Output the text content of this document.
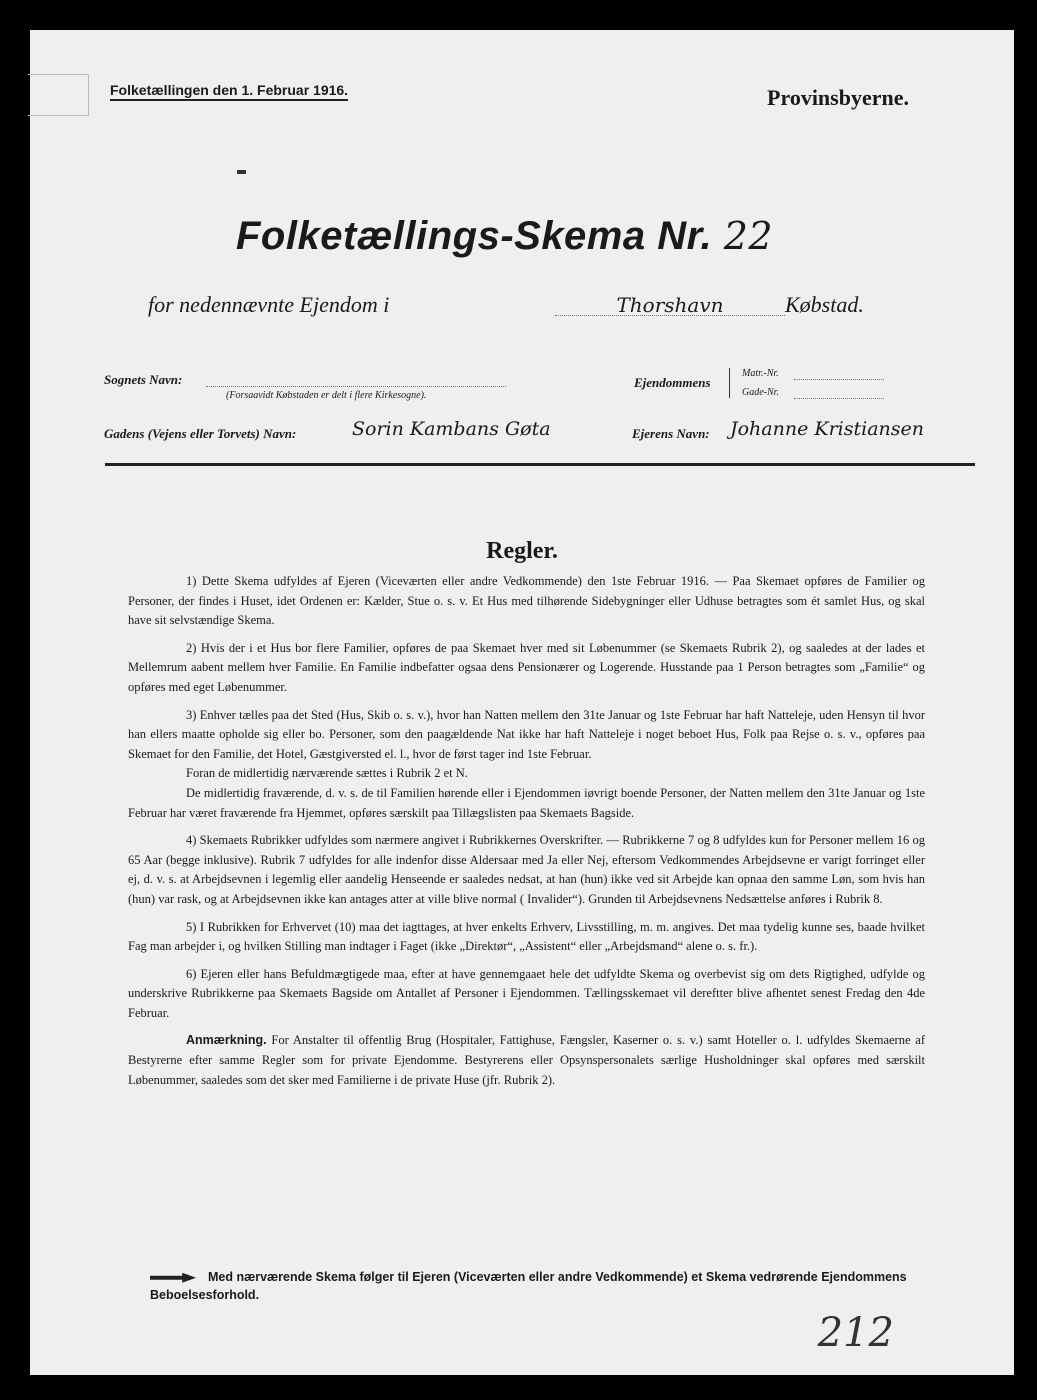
Folketællingen den 1. Februar 1916.	Provinsbyerne.
Folketællings-Skema Nr. 22
for nedennævnte Ejendom i	Thorshavn	Købstad.
Sognets Navn:
(Forsaavidt Købstaden er delt i flere Kirkesogne).
Ejendommens
Matr.-Nr.
Gade-Nr.
Gadens (Vejens eller Torvets) Navn:	Sorin Kambans Gøta	Ejerens Navn: Johanne Kristiansen
Regler.

1) Dette Skema udfyldes af Ejeren (Viceværten eller andre Vedkommende) den 1ste Februar 1916. — Paa Skemaet opføres de Familier og Personer, der findes i Huset, idet Ordenen er: Kælder, Stue o. s. v. Et Hus med tilhørende Sidebygninger eller Udhuse betragtes som ét samlet Hus, og skal have sit selvstændige Skema.

2) Hvis der i et Hus bor flere Familier, opføres de paa Skemaet hver med sit Løbenummer (se Skemaets Rubrik 2), og saaledes at der lades et Mellemrum aabent mellem hver Familie. En Familie indbefatter ogsaa dens Pensionærer og Logerende. Husstande paa 1 Person betragtes som „Familie“ og opføres med eget Løbenummer.

3) Enhver tælles paa det Sted (Hus, Skib o. s. v.), hvor han Natten mellem den 31te Januar og 1ste Februar har haft Natteleje, uden Hensyn til hvor han ellers maatte opholde sig eller bo. Personer, som den paagældende Nat ikke har haft Natteleje i noget beboet Hus, Folk paa Rejse o. s. v., opføres paa Skemaet for den Familie, det Hotel, Gæstgiversted el. l., hvor de først tager ind 1ste Februar.

Foran de midlertidig nærværende sættes i Rubrik 2 et N.

De midlertidig fraværende, d. v. s. de til Familien hørende eller i Ejendommen iøvrigt boende Personer, der Natten mellem den 31te Januar og 1ste Februar har været fraværende fra Hjemmet, opføres særskilt paa Tillægslisten paa Skemaets Bagside.

4) Skemaets Rubrikker udfyldes som nærmere angivet i Rubrikkernes Overskrifter. — Rubrikkerne 7 og 8 udfyldes kun for Personer mellem 16 og 65 Aar (begge inklusive). Rubrik 7 udfyldes for alle indenfor disse Aldersaar med Ja eller Nej, eftersom Vedkommendes Arbejdsevne er varigt forringet eller ej, d. v. s. at Arbejdsevnen i legemlig eller aandelig Henseende er saaledes nedsat, at han (hun) ikke ved sit Arbejde kan opnaa den samme Løn, som hvis han (hun) var rask, og at Arbejdsevnen ikke kan antages atter at ville blive normal ( Invalider“). Grunden til Arbejdsevnens Nedsættelse anføres i Rubrik 8.

5) I Rubrikken for Erhvervet (10) maa det iagttages, at hver enkelts Erhverv, Livsstilling, m. m. angives. Det maa tydelig kunne ses, baade hvilket Fag man arbejder i, og hvilken Stilling man indtager i Faget (ikke „Direktør“, „Assistent“ eller „Arbejdsmand“ alene o. s. fr.).

6) Ejeren eller hans Befuldmægtigede maa, efter at have gennemgaaet hele det udfyldte Skema og overbevist sig om dets Rigtighed, udfylde og underskrive Rubrikkerne paa Skemaets Bagside om Antallet af Personer i Ejendommen. Tællingsskemaet vil dereftter blive afhentet senest Fredag den 4de Februar.

Anmærkning. For Anstalter til offentlig Brug (Hospitaler, Fattighuse, Fængsler, Kaserner o. s. v.) samt Hoteller o. l. udfyldes Skemaerne af Bestyrerne efter samme Regler som for private Ejendomme. Bestyrerens eller Opsynspersonalets særlige Husholdninger skal opføres med særskilt Løbenummer, saaledes som det sker med Familierne i de private Huse (jfr. Rubrik 2).

Med nærværende Skema følger til Ejeren (Viceværten eller andre Vedkommende) et Skema vedrørende Ejendommens Beboelsesforhold.
212
